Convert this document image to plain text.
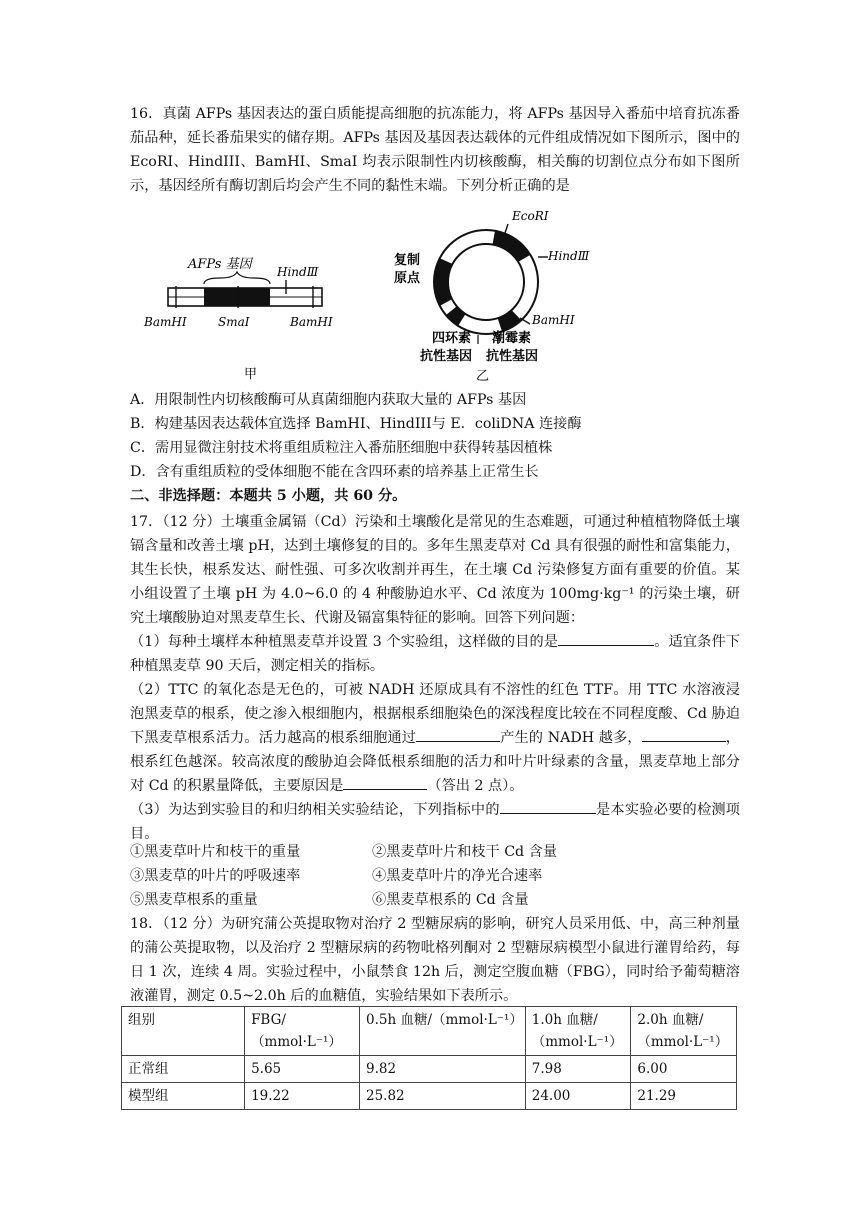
16．真菌 AFPs 基因表达的蛋白质能提高细胞的抗冻能力，将 AFPs 基因导入番茄中培育抗冻番茄品种，延长番茄果实的储存期。AFPs 基因及基因表达载体的元件组成情况如下图所示，图中的 EcoRI、HindIII、BamHI、SmaI 均表示限制性内切核酸酶，相关酶的切割位点分布如下图所示，基因经所有酶切割后均会产生不同的黏性末端。下列分析正确的是

AFPs 基因 HindⅢ
BamHⅠ	SmaⅠ	BamHⅠ
甲
EcoRⅠ
HindⅢ
复制
原点
BamHⅠ
四环素
抗性基因
潮霉素
抗性基因
乙
A．用限制性内切核酸酶可从真菌细胞内获取大量的 AFPs 基因
B．构建基因表达载体宜选择 BamHI、HindIII与 E．coliDNA 连接酶
C．需用显微注射技术将重组质粒注入番茄胚细胞中获得转基因植株
D．含有重组质粒的受体细胞不能在含四环素的培养基上正常生长
二、非选择题：本题共 5 小题，共 60 分。

17．（12 分）土壤重金属镉（Cd）污染和土壤酸化是常见的生态难题，可通过种植植物降低土壤镉含量和改善土壤 pH，达到土壤修复的目的。多年生黑麦草对 Cd 具有很强的耐性和富集能力，其生长快，根系发达、耐性强、可多次收割并再生，在土壤 Cd 污染修复方面有重要的价值。某小组设置了土壤 pH 为 4.0~6.0 的 4 种酸胁迫水平、Cd 浓度为 100mg·kg⁻¹ 的污染土壤，研究土壤酸胁迫对黑麦草生长、代谢及镉富集特征的影响。回答下列问题：

（1）每种土壤样本种植黑麦草并设置 3 个实验组，这样做的目的是	。适宜条件下种植黑麦草 90 天后，测定相关的指标。

（2）TTC 的氧化态是无色的，可被 NADH 还原成具有不溶性的红色 TTF。用 TTC 水溶液浸泡黑麦草的根系，使之渗入根细胞内，根据根系细胞染色的深浅程度比较在不同程度酸、Cd 胁迫下黑麦草根系活力。活力越高的根系细胞通过	产生的 NADH 越多，	，根系红色越深。较高浓度的酸胁迫会降低根系细胞的活力和叶片叶绿素的含量，黑麦草地上部分对 Cd 的积累量降低，主要原因是	（答出 2 点）。

（3）为达到实验目的和归纳相关实验结论，下列指标中的	是本实验必要的检测项目。

①黑麦草叶片和枝干的重量	②黑麦草叶片和枝干 Cd 含量
③黑麦草的叶片的呼吸速率	④黑麦草叶片的净光合速率
⑤黑麦草根系的重量	⑥黑麦草根系的 Cd 含量

18．（12 分）为研究蒲公英提取物对治疗 2 型糖尿病的影响，研究人员采用低、中，高三种剂量的蒲公英提取物，以及治疗 2 型糖尿病的药物吡格列酮对 2 型糖尿病模型小鼠进行灌胃给药，每日 1 次，连续 4 周。实验过程中，小鼠禁食 12h 后，测定空腹血糖（FBG），同时给予葡萄糖溶液灌胃，测定 0.5~2.0h 后的血糖值，实验结果如下表所示。

组别	FBG/（mmol·L⁻¹）	0.5h 血糖/（mmol·L⁻¹）	1.0h 血糖/（mmol·L⁻¹）	2.0h 血糖/（mmol·L⁻¹）
正常组	5.65	9.82	7.98	6.00
模型组	19.22	25.82	24.00	21.29
